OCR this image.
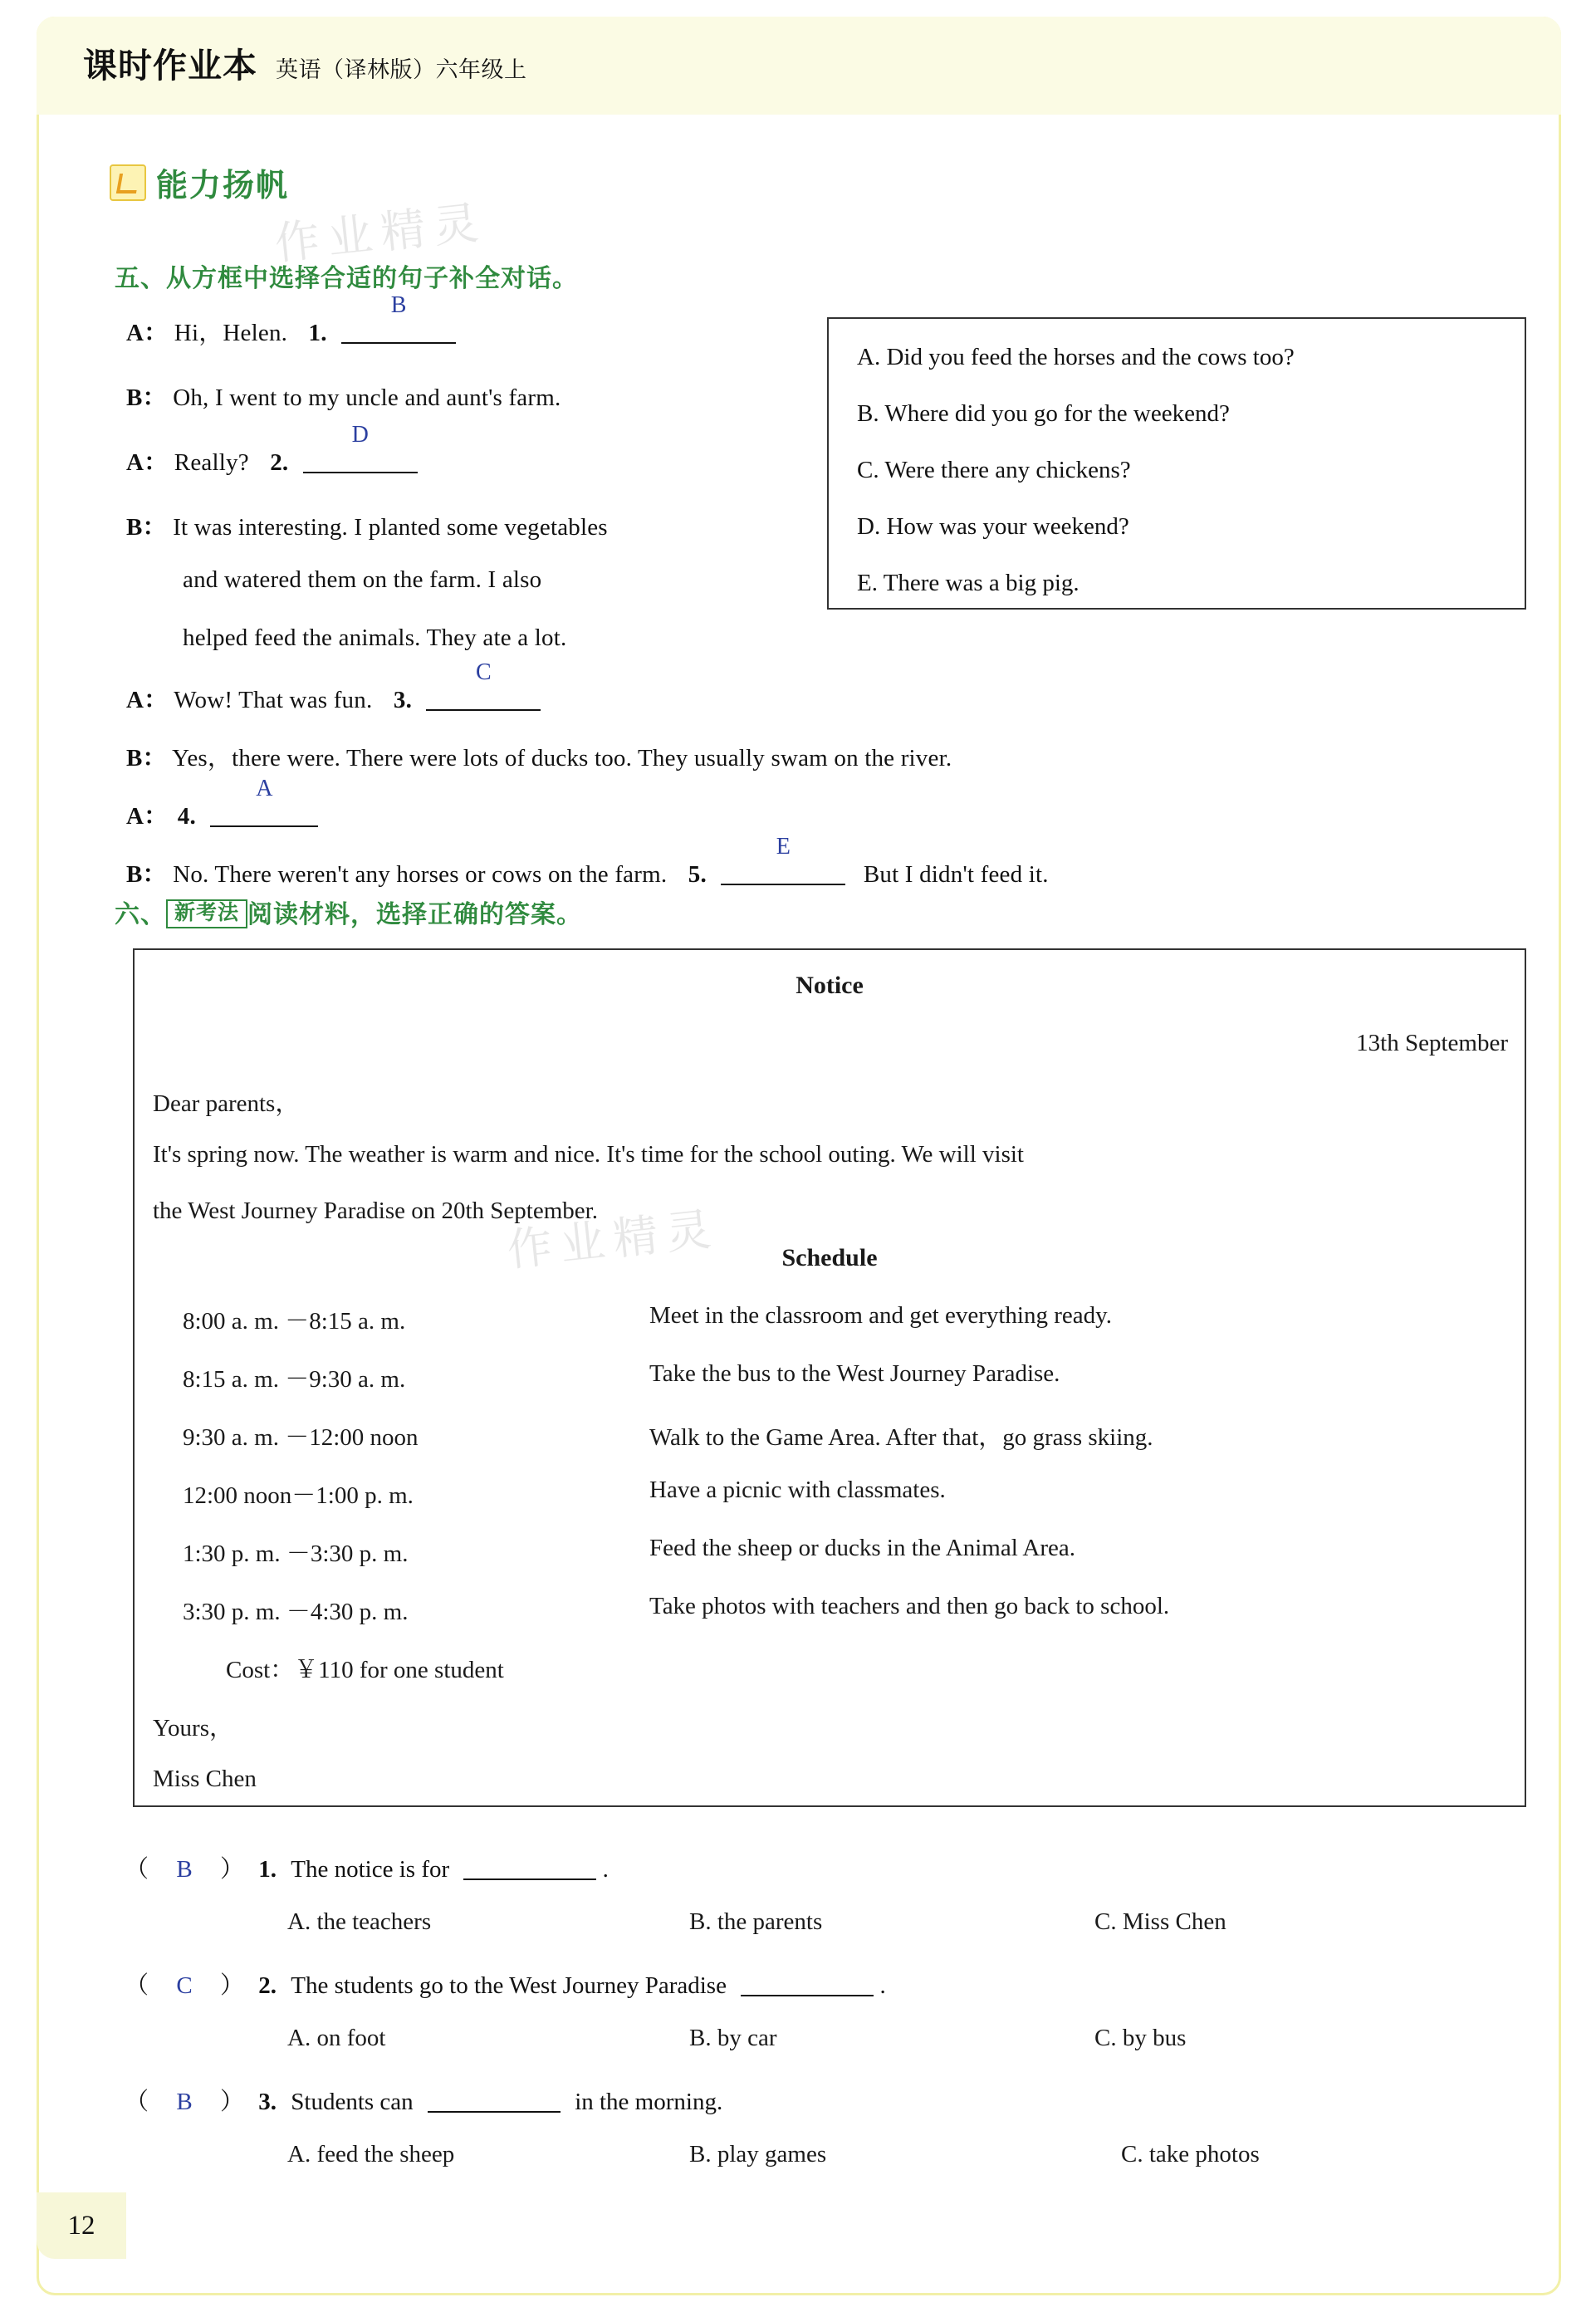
课时作业本 英语（译林版）六年级上
能力扬帆
作业精灵
作业精灵
五、从方框中选择合适的句子补全对话。
A： Hi，Helen. 1.
B
B： Oh, I went to my uncle and aunt's farm.
A： Really? 2.
D
B： It was interesting. I planted some vegetables
and watered them on the farm. I also
helped feed the animals. They ate a lot.
A： Wow! That was fun. 3.
C
B： Yes，there were. There were lots of ducks too. They usually swam on the river.
A： 4.
A
B： No. There weren't any horses or cows on the farm. 5.
E
But I didn't feed it.
A. Did you feed the horses and the cows too?
B. Where did you go for the weekend?
C. Were there any chickens?
D. How was your weekend?
E. There was a big pig.
六、 新考法 阅读材料，选择正确的答案。
Notice
13th September
Dear parents，
It's spring now. The weather is warm and nice. It's time for the school outing. We will visit
the West Journey Paradise on 20th September.
Schedule
8:00 a. m. －8:15 a. m.	Meet in the classroom and get everything ready.
8:15 a. m. －9:30 a. m.	Take the bus to the West Journey Paradise.
9:30 a. m. －12:00 noon	Walk to the Game Area. After that，go grass skiing.
12:00 noon－1:00 p. m.	Have a picnic with classmates.
1:30 p. m. －3:30 p. m.	Feed the sheep or ducks in the Animal Area.
3:30 p. m. －4:30 p. m.	Take photos with teachers and then go back to school.
Cost：￥110 for one student
Yours，
Miss Chen
（ B ） 1. The notice is for	.
A. the teachers	B. the parents	C. Miss Chen
（ C ） 2. The students go to the West Journey Paradise	.
A. on foot	B. by car	C. by bus
（ B ） 3. Students can	in the morning.
A. feed the sheep	B. play games	C. take photos
12
